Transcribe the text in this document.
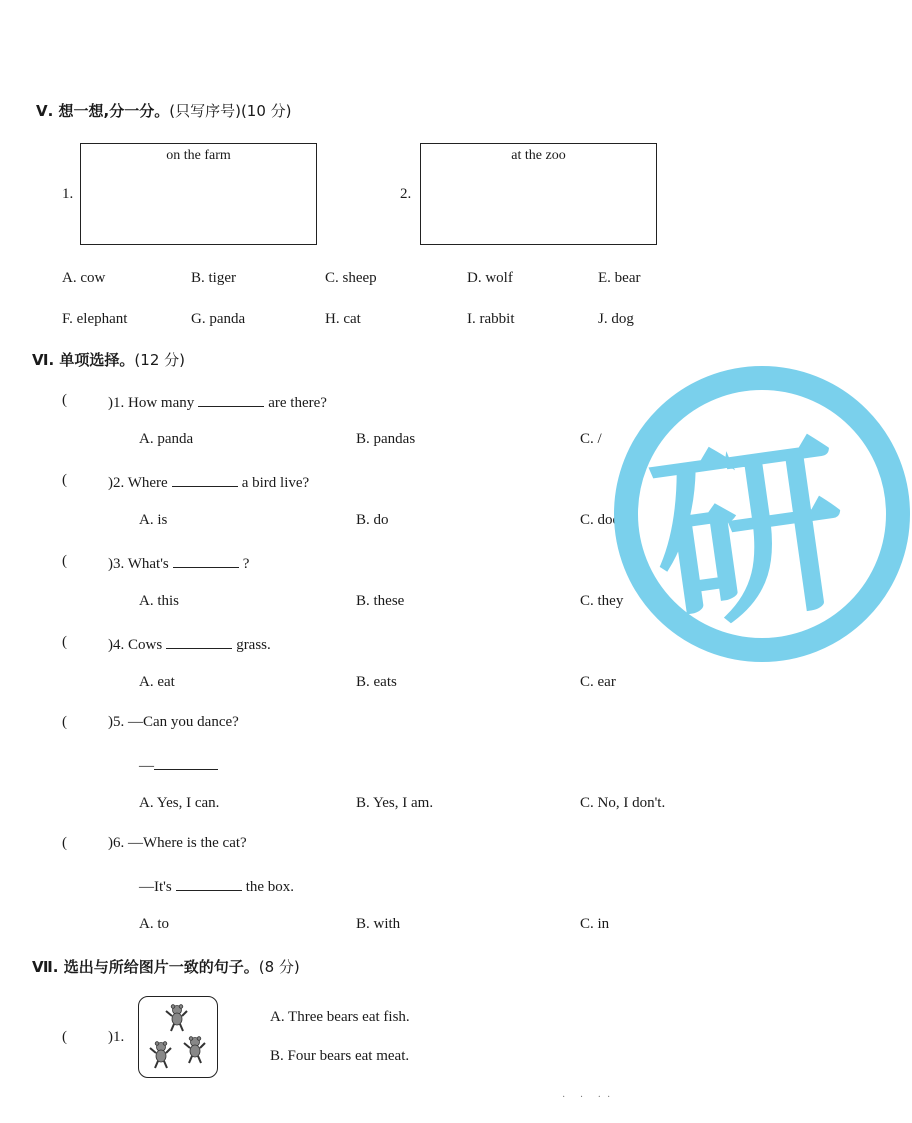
Ⅴ. 想一想,分一分。(只写序号)(10 分)
1.
on the farm
2.
at the zoo
A. cow	B. tiger	C. sheep	D. wolf	E. bear
F. elephant	G. panda	H. cat	I. rabbit	J. dog
Ⅵ. 单项选择。(12 分)
(	)1. How many	are there?
A. panda	B. pandas	C. /
(	)2. Where	a bird live?
A. is	B. do	C. does
(	)3. What's	?
A. this	B. these	C. they
(	)4. Cows	grass.
A. eat	B. eats	C. ear
(	)5. —Can you dance?
—
A. Yes, I can.	B. Yes, I am.	C. No, I don't.
(	)6. —Where is the cat?
—It's	the box.
A. to	B. with	C. in
Ⅶ. 选出与所给图片一致的句子。(8 分)
(	)1.
A. Three bears eat fish.
B. Four bears eat meat.
· · ··
研
